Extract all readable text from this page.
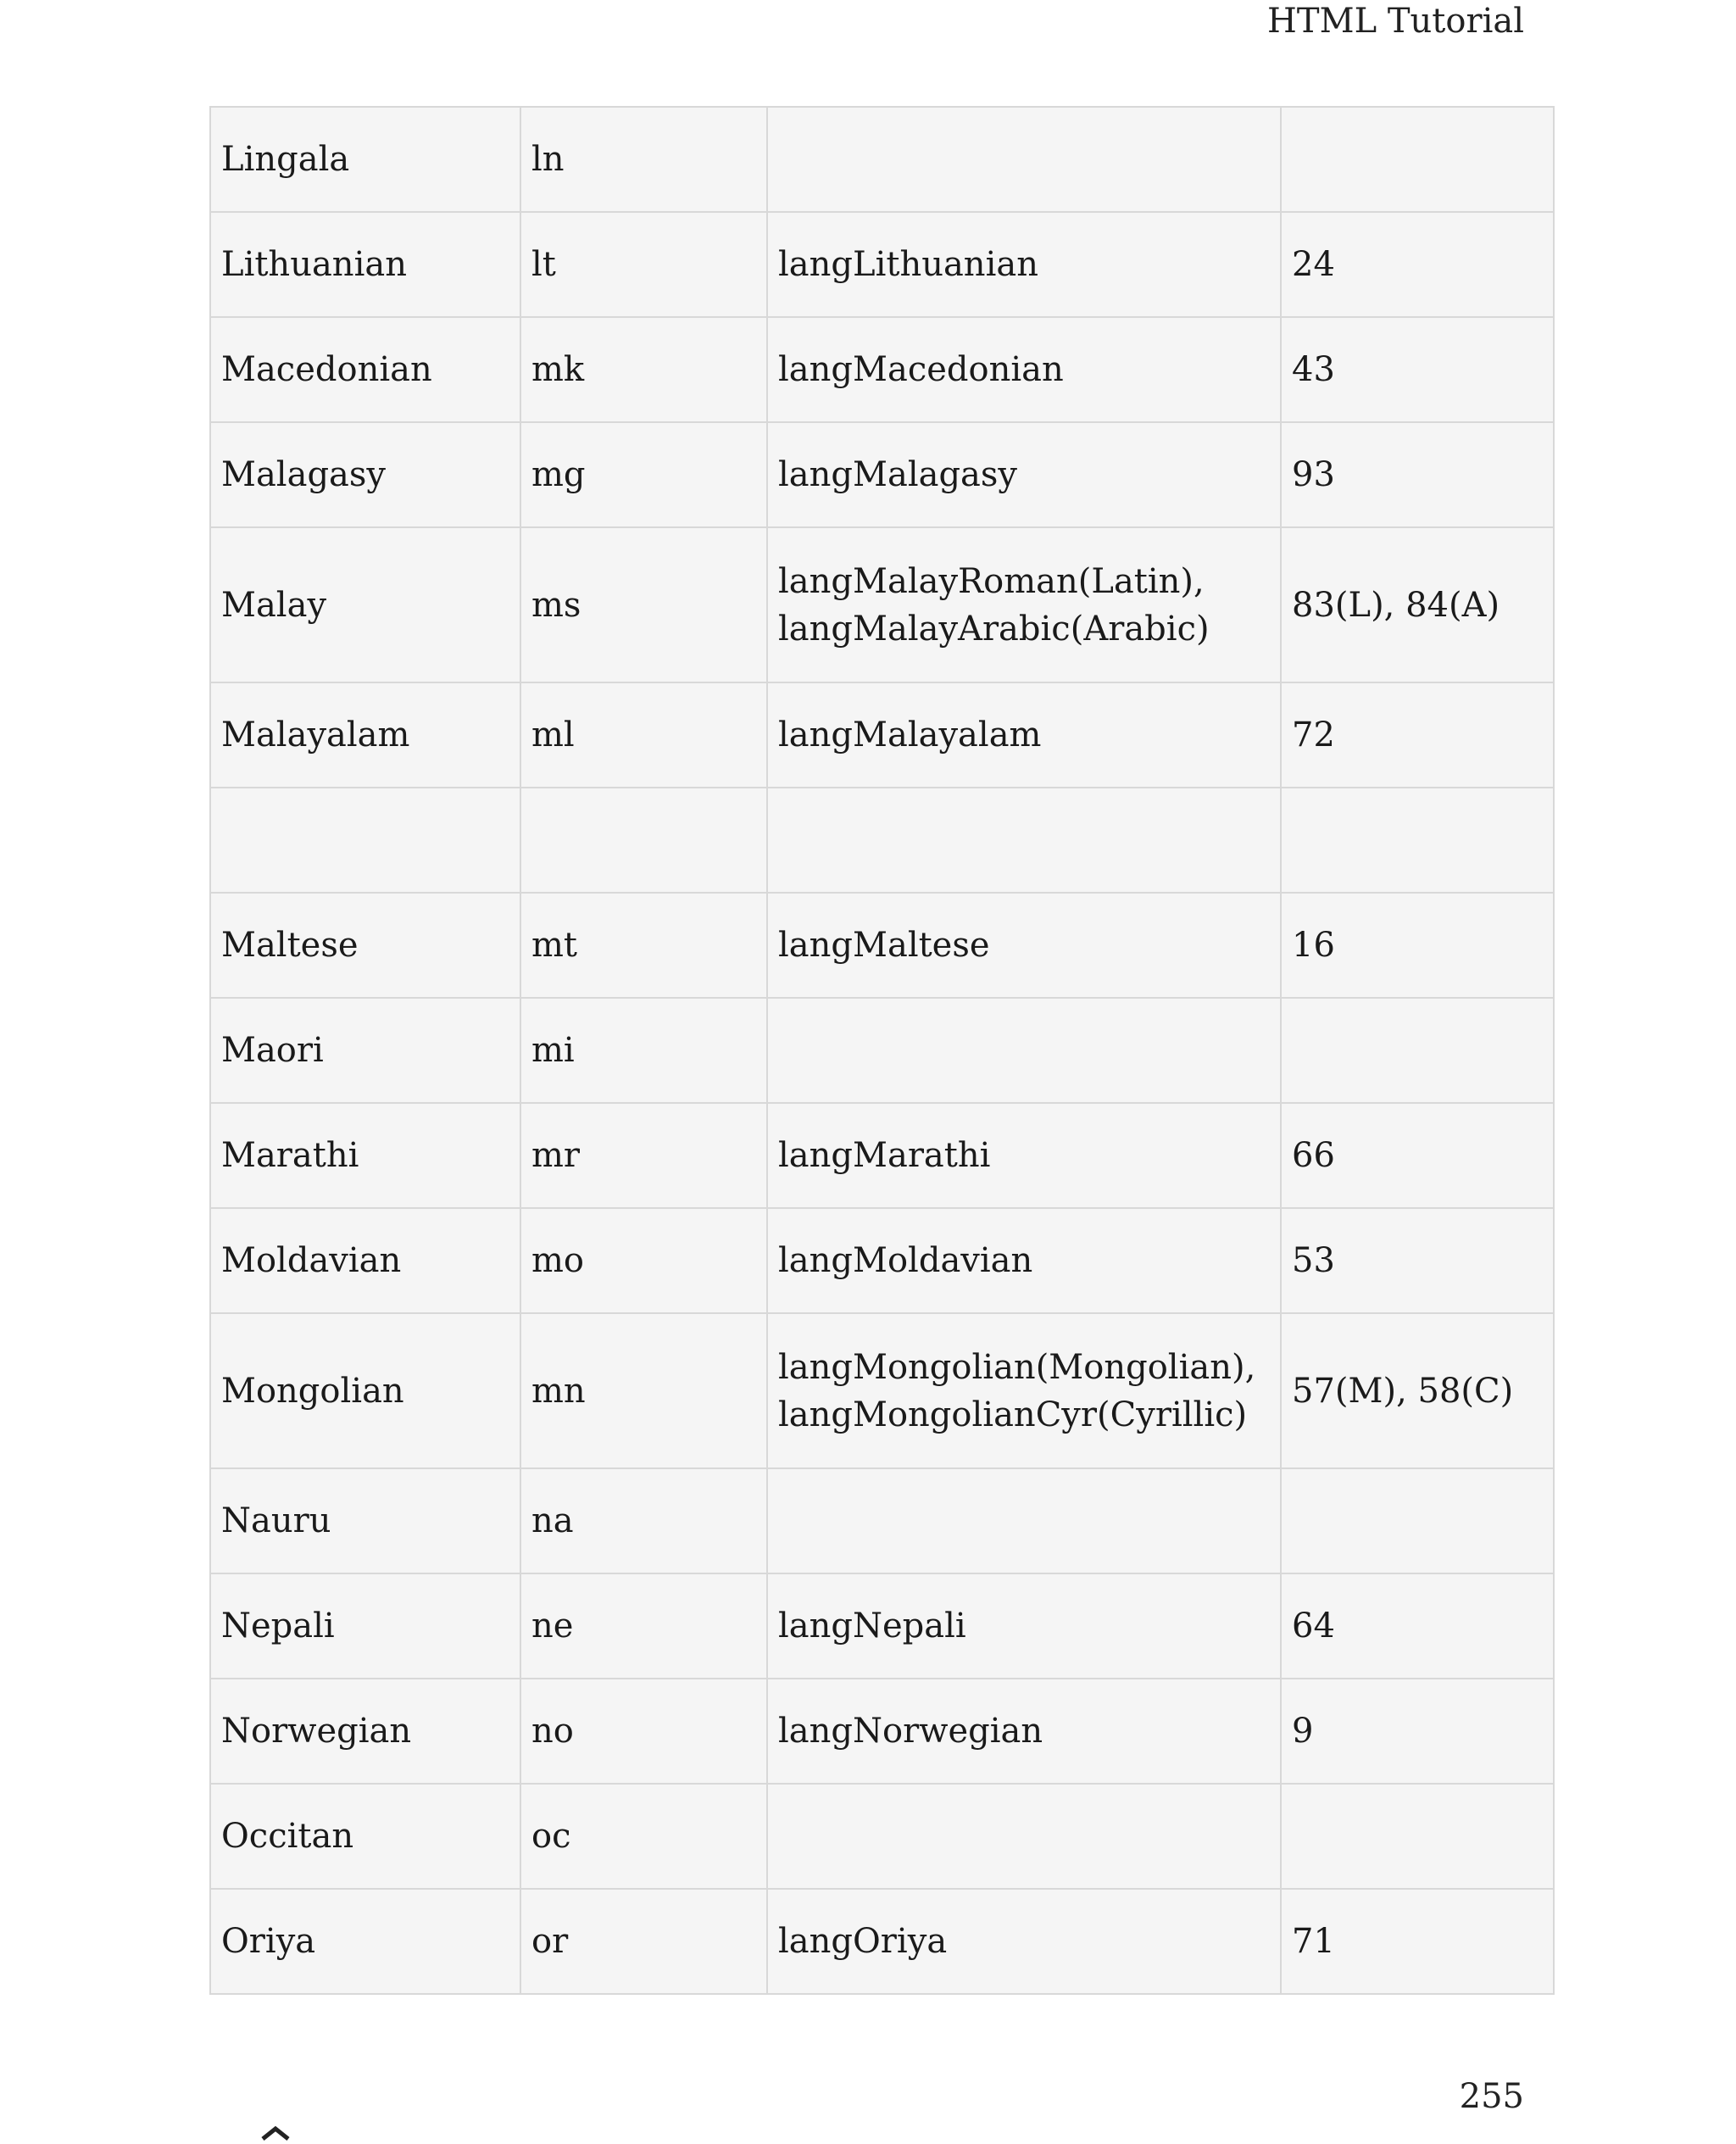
HTML Tutorial
Lingala	ln		
Lithuanian	lt	langLithuanian	24
Macedonian	mk	langMacedonian	43
Malagasy	mg	langMalagasy	93
Malay	ms	langMalayRoman(Latin),
langMalayArabic(Arabic)	83(L), 84(A)
Malayalam	ml	langMalayalam	72

Maltese	mt	langMaltese	16
Maori	mi		
Marathi	mr	langMarathi	66
Moldavian	mo	langMoldavian	53
Mongolian	mn	langMongolian(Mongolian),
langMongolianCyr(Cyrillic)	57(M), 58(C)
Nauru	na		
Nepali	ne	langNepali	64
Norwegian	no	langNorwegian	9
Occitan	oc		
Oriya	or	langOriya	71
255
